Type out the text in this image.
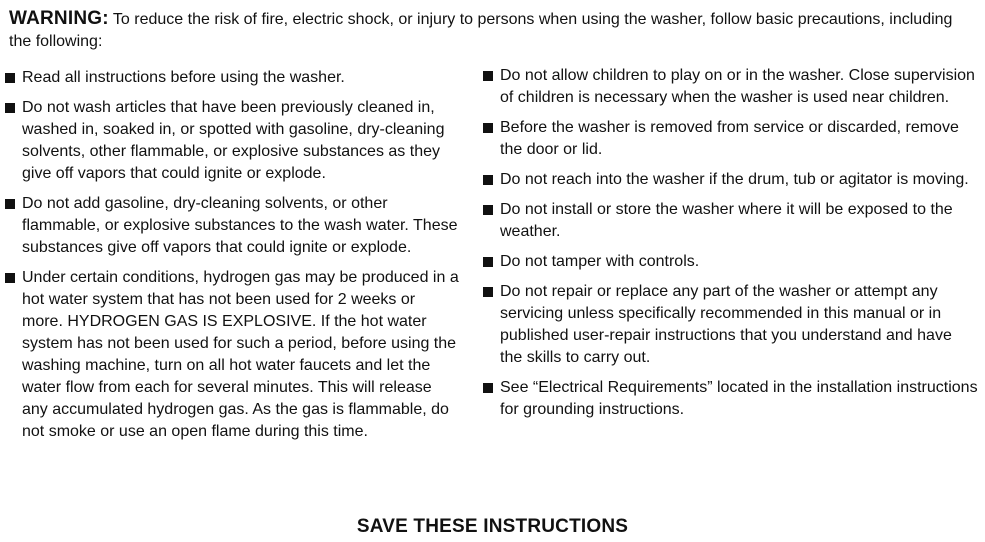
WARNING: To reduce the risk of fire, electric shock, or injury to persons when using the washer, follow basic precautions, including the following:
Read all instructions before using the washer.
Do not wash articles that have been previously cleaned in, washed in, soaked in, or spotted with gasoline, dry-cleaning solvents, other flammable, or explosive substances as they give off vapors that could ignite or explode.
Do not add gasoline, dry-cleaning solvents, or other flammable, or explosive substances to the wash water. These substances give off vapors that could ignite or explode.
Under certain conditions, hydrogen gas may be produced in a hot water system that has not been used for 2 weeks or more. HYDROGEN GAS IS EXPLOSIVE. If the hot water system has not been used for such a period, before using the washing machine, turn on all hot water faucets and let the water flow from each for several minutes. This will release any accumulated hydrogen gas. As the gas is flammable, do not smoke or use an open flame during this time.
Do not allow children to play on or in the washer. Close supervision of children is necessary when the washer is used near children.
Before the washer is removed from service or discarded, remove the door or lid.
Do not reach into the washer if the drum, tub or agitator is moving.
Do not install or store the washer where it will be exposed to the weather.
Do not tamper with controls.
Do not repair or replace any part of the washer or attempt any servicing unless specifically recommended in this manual or in published user-repair instructions that you understand and have the skills to carry out.
See “Electrical Requirements” located in the installation instructions for grounding instructions.
SAVE THESE INSTRUCTIONS
